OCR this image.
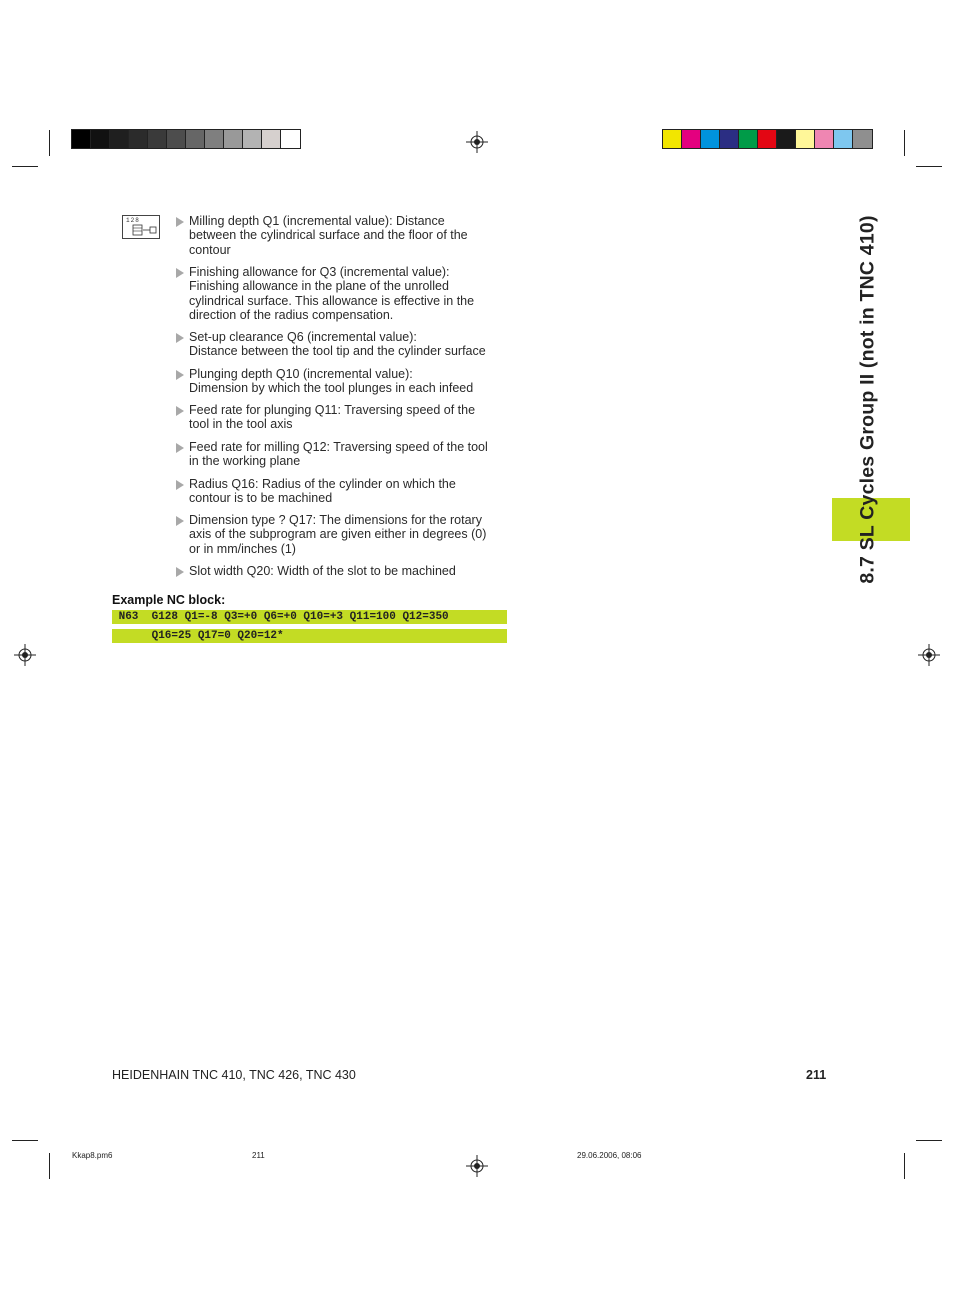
8.7 SL Cycles Group II (not in TNC 410)
128	Milling depth Q1 (incremental value): Distance
between the cylindrical surface and the floor of the
contour
Finishing allowance for Q3 (incremental value):
Finishing allowance in the plane of the unrolled
cylindrical surface. This allowance is effective in the
direction of the radius compensation.
Set-up clearance Q6 (incremental value):
Distance between the tool tip and the cylinder surface
Plunging depth Q10 (incremental value):
Dimension by which the tool plunges in each infeed
Feed rate for plunging Q11: Traversing speed of the
tool in the tool axis
Feed rate for milling Q12: Traversing speed of the tool
in the working plane
Radius Q16: Radius of the cylinder on which the
contour is to be machined
Dimension type ? Q17: The dimensions for the rotary
axis of the subprogram are given either in degrees (0)
or in mm/inches (1)
Slot width Q20: Width of the slot to be machined
Example NC block:
N63  G128 Q1=-8 Q3=+0 Q6=+0 Q10=+3 Q11=100 Q12=350
Q16=25 Q17=0 Q20=12*
HEIDENHAIN TNC 410, TNC 426, TNC 430	211
Kkap8.pm6	211	29.06.2006, 08:06
